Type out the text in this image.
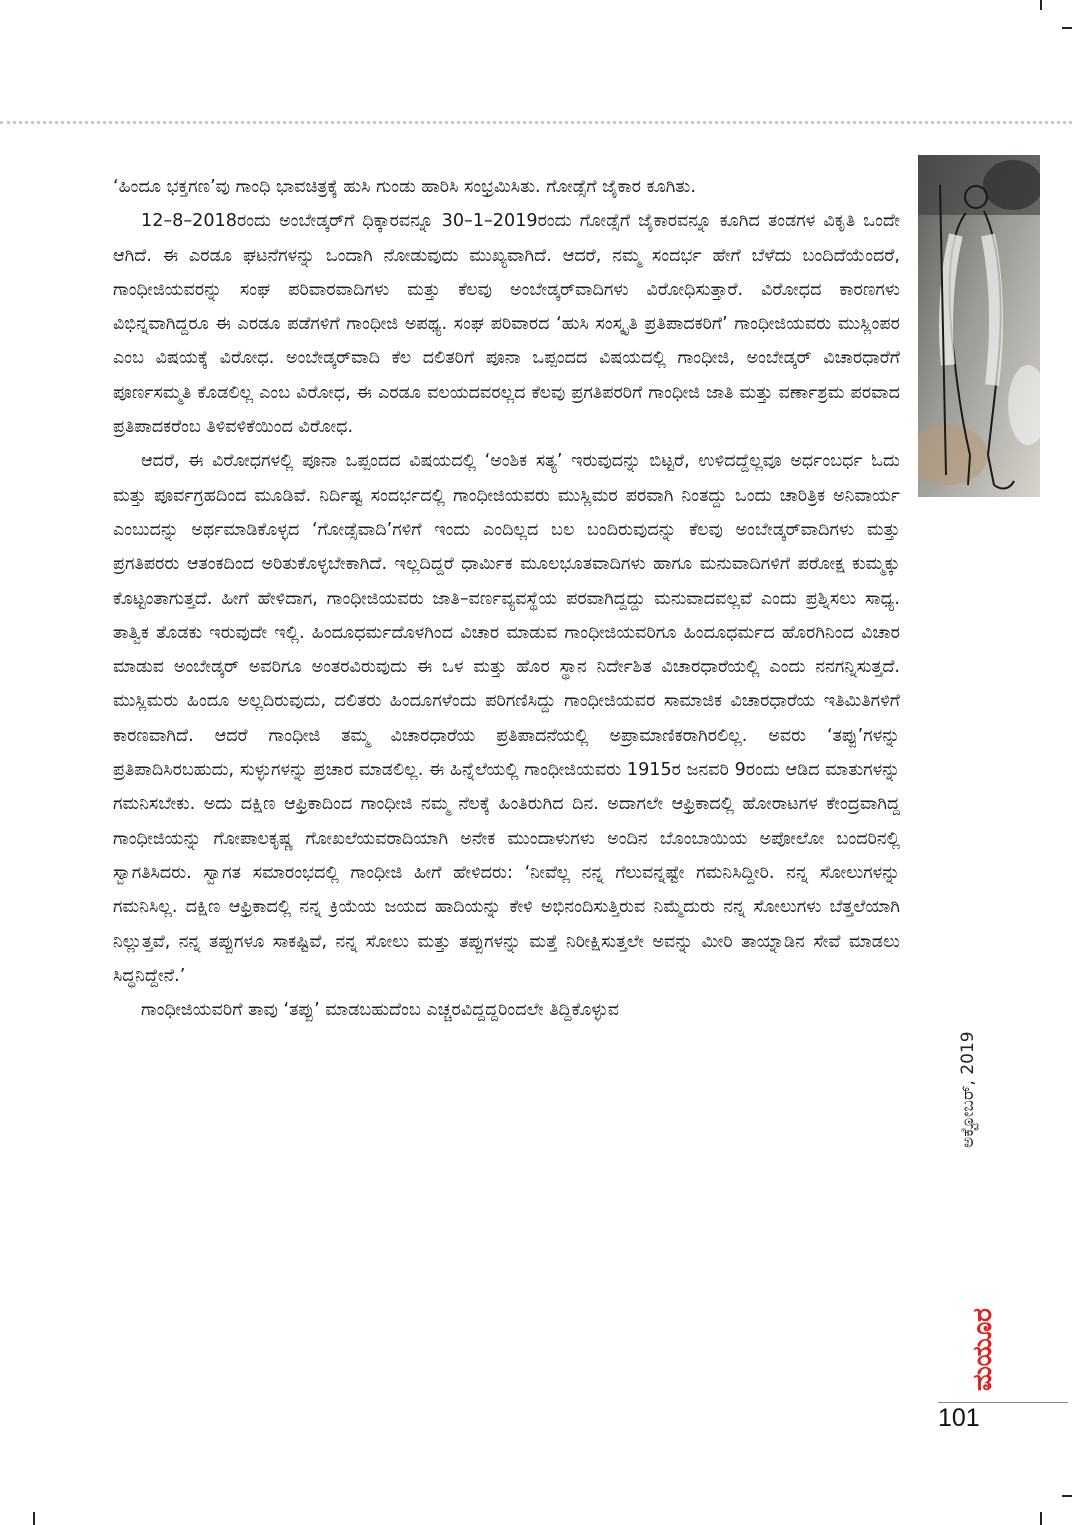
‘ಹಿಂದೂ ಭಕ್ತಗಣ’ವು ಗಾಂಧಿ ಭಾವಚಿತ್ರಕ್ಕೆ ಹುಸಿ ಗುಂಡು ಹಾರಿಸಿ ಸಂಭ್ರಮಿಸಿತು. ಗೋಡ್ಸೆಗೆ ಜೈಕಾರ ಕೂಗಿತು.

12–8–2018ರಂದು ಅಂಬೇಡ್ಕರ್‌ಗೆ ಧಿಕ್ಕಾರವನ್ನೂ 30–1–2019ರಂದು ಗೋಡ್ಸೆಗೆ ಜೈಕಾರವನ್ನೂ ಕೂಗಿದ ತಂಡಗಳ ವಿಕೃತಿ ಒಂದೇ ಆಗಿದೆ. ಈ ಎರಡೂ ಘಟನೆಗಳನ್ನು ಒಂದಾಗಿ ನೋಡುವುದು ಮುಖ್ಯವಾಗಿದೆ. ಆದರೆ, ನಮ್ಮ ಸಂದರ್ಭ ಹೇಗೆ ಬೆಳೆದು ಬಂದಿದೆಯೆಂದರೆ, ಗಾಂಧೀಜಿಯವರನ್ನು ಸಂಘ ಪರಿವಾರವಾದಿಗಳು ಮತ್ತು ಕೆಲವು ಅಂಬೇಡ್ಕರ್‌ವಾದಿಗಳು ವಿರೋಧಿಸುತ್ತಾರೆ. ವಿರೋಧದ ಕಾರಣಗಳು ವಿಭಿನ್ನವಾಗಿದ್ದರೂ ಈ ಎರಡೂ ಪಡೆಗಳಿಗೆ ಗಾಂಧೀಜಿ ಅಪಥ್ಯ. ಸಂಘ ಪರಿವಾರದ ‘ಹುಸಿ ಸಂಸ್ಕೃತಿ ಪ್ರತಿಪಾದಕರಿಗೆ’ ಗಾಂಧೀಜಿಯವರು ಮುಸ್ಲಿಂಪರ ಎಂಬ ವಿಷಯಕ್ಕೆ ವಿರೋಧ. ಅಂಬೇಡ್ಕರ್‌ವಾದಿ ಕೆಲ ದಲಿತರಿಗೆ ಪೂನಾ ಒಪ್ಪಂದದ ವಿಷಯದಲ್ಲಿ ಗಾಂಧೀಜಿ, ಅಂಬೇಡ್ಕರ್ ವಿಚಾರಧಾರೆಗೆ ಪೂರ್ಣಸಮ್ಮತಿ ಕೊಡಲಿಲ್ಲ ಎಂಬ ವಿರೋಧ, ಈ ಎರಡೂ ವಲಯದವರಲ್ಲದ ಕೆಲವು ಪ್ರಗತಿಪರರಿಗೆ ಗಾಂಧೀಜಿ ಜಾತಿ ಮತ್ತು ವರ್ಣಾಶ್ರಮ ಪರವಾದ ಪ್ರತಿಪಾದಕರೆಂಬ ತಿಳಿವಳಿಕೆಯಿಂದ ವಿರೋಧ.

ಆದರೆ, ಈ ವಿರೋಧಗಳಲ್ಲಿ ಪೂನಾ ಒಪ್ಪಂದದ ವಿಷಯದಲ್ಲಿ ‘ಅಂಶಿಕ ಸತ್ಯ’ ಇರುವುದನ್ನು ಬಿಟ್ಟರೆ, ಉಳಿದದ್ದೆಲ್ಲವೂ ಅರ್ಧಂಬರ್ಧ ಓದು ಮತ್ತು ಪೂರ್ವಗ್ರಹದಿಂದ ಮೂಡಿವೆ. ನಿರ್ದಿಷ್ಟ ಸಂದರ್ಭದಲ್ಲಿ ಗಾಂಧೀಜಿಯವರು ಮುಸ್ಲಿಮರ ಪರವಾಗಿ ನಿಂತದ್ದು ಒಂದು ಚಾರಿತ್ರಿಕ ಅನಿವಾರ್ಯ ಎಂಬುದನ್ನು ಅರ್ಥಮಾಡಿಕೊಳ್ಳದ ‘ಗೋಡ್ಸೆವಾದಿ’ಗಳಿಗೆ ಇಂದು ಎಂದಿಲ್ಲದ ಬಲ ಬಂದಿರುವುದನ್ನು ಕೆಲವು ಅಂಬೇಡ್ಕರ್‌ವಾದಿಗಳು ಮತ್ತು ಪ್ರಗತಿಪರರು ಆತಂಕದಿಂದ ಅರಿತುಕೊಳ್ಳಬೇಕಾಗಿದೆ. ಇಲ್ಲದಿದ್ದರೆ ಧಾರ್ಮಿಕ ಮೂಲಭೂತವಾದಿಗಳು ಹಾಗೂ ಮನುವಾದಿಗಳಿಗೆ ಪರೋಕ್ಷ ಕುಮ್ಮಕ್ಕು ಕೊಟ್ಟಂತಾಗುತ್ತದೆ. ಹೀಗೆ ಹೇಳಿದಾಗ, ಗಾಂಧೀಜಿಯವರು ಜಾತಿ–ವರ್ಣವ್ಯವಸ್ಥೆಯ ಪರವಾಗಿದ್ದದ್ದು ಮನುವಾದವಲ್ಲವೆ ಎಂದು ಪ್ರಶ್ನಿಸಲು ಸಾಧ್ಯ. ತಾತ್ವಿಕ ತೊಡಕು ಇರುವುದೇ ಇಲ್ಲಿ. ಹಿಂದೂಧರ್ಮದೊಳಗಿಂದ ವಿಚಾರ ಮಾಡುವ ಗಾಂಧೀಜಿಯವರಿಗೂ ಹಿಂದೂಧರ್ಮದ ಹೊರಗಿನಿಂದ ವಿಚಾರ ಮಾಡುವ ಅಂಬೇಡ್ಕರ್ ಅವರಿಗೂ ಅಂತರವಿರುವುದು ಈ ಒಳ ಮತ್ತು ಹೊರ ಸ್ಥಾನ ನಿರ್ದೇಶಿತ ವಿಚಾರಧಾರೆಯಲ್ಲಿ ಎಂದು ನನಗನ್ನಿಸುತ್ತದೆ. ಮುಸ್ಲಿಮರು ಹಿಂದೂ ಅಲ್ಲದಿರುವುದು, ದಲಿತರು ಹಿಂದೂಗಳೆಂದು ಪರಿಗಣಿಸಿದ್ದು ಗಾಂಧೀಜಿಯವರ ಸಾಮಾಜಿಕ ವಿಚಾರಧಾರೆಯ ಇತಿಮಿತಿಗಳಿಗೆ ಕಾರಣವಾಗಿದೆ. ಆದರೆ ಗಾಂಧೀಜಿ ತಮ್ಮ ವಿಚಾರಧಾರೆಯ ಪ್ರತಿಪಾದನೆಯಲ್ಲಿ ಅಪ್ರಾಮಾಣಿಕರಾಗಿರಲಿಲ್ಲ. ಅವರು ‘ತಪ್ಪು’ಗಳನ್ನು ಪ್ರತಿಪಾದಿಸಿರಬಹುದು, ಸುಳ್ಳುಗಳನ್ನು ಪ್ರಚಾರ ಮಾಡಲಿಲ್ಲ. ಈ ಹಿನ್ನೆಲೆಯಲ್ಲಿ ಗಾಂಧೀಜಿಯವರು 1915ರ ಜನವರಿ 9ರಂದು ಆಡಿದ ಮಾತುಗಳನ್ನು ಗಮನಿಸಬೇಕು. ಅದು ದಕ್ಷಿಣ ಆಫ್ರಿಕಾದಿಂದ ಗಾಂಧೀಜಿ ನಮ್ಮ ನೆಲಕ್ಕೆ ಹಿಂತಿರುಗಿದ ದಿನ. ಅದಾಗಲೇ ಆಫ್ರಿಕಾದಲ್ಲಿ ಹೋರಾಟಗಳ ಕೇಂದ್ರವಾಗಿದ್ದ ಗಾಂಧೀಜಿಯನ್ನು ಗೋಪಾಲಕೃಷ್ಣ ಗೋಖಲೆಯವರಾದಿಯಾಗಿ ಅನೇಕ ಮುಂದಾಳುಗಳು ಅಂದಿನ ಬೊಂಬಾಯಿಯ ಅಪೋಲೋ ಬಂದರಿನಲ್ಲಿ ಸ್ವಾಗತಿಸಿದರು. ಸ್ವಾಗತ ಸಮಾರಂಭದಲ್ಲಿ ಗಾಂಧೀಜಿ ಹೀಗೆ ಹೇಳಿದರು: ‘ನೀವೆಲ್ಲ ನನ್ನ ಗೆಲುವನ್ನಷ್ಟೇ ಗಮನಿಸಿದ್ದೀರಿ. ನನ್ನ ಸೋಲುಗಳನ್ನು ಗಮನಿಸಿಲ್ಲ. ದಕ್ಷಿಣ ಆಫ್ರಿಕಾದಲ್ಲಿ ನನ್ನ ಕ್ರಿಯೆಯ ಜಯದ ಹಾದಿಯನ್ನು ಕೇಳಿ ಅಭಿನಂದಿಸುತ್ತಿರುವ ನಿಮ್ಮೆದುರು ನನ್ನ ಸೋಲುಗಳು ಬೆತ್ತಲೆಯಾಗಿ ನಿಲ್ಲುತ್ತವೆ, ನನ್ನ ತಪ್ಪುಗಳೂ ಸಾಕಷ್ಟಿವೆ, ನನ್ನ ಸೋಲು ಮತ್ತು ತಪ್ಪುಗಳನ್ನು ಮತ್ತೆ ನಿರೀಕ್ಷಿಸುತ್ತಲೇ ಅವನ್ನು ಮೀರಿ ತಾಯ್ನಾಡಿನ ಸೇವೆ ಮಾಡಲು ಸಿದ್ಧನಿದ್ದೇನೆ.’

ಗಾಂಧೀಜಿಯವರಿಗೆ ತಾವು ‘ತಪ್ಪು’ ಮಾಡಬಹುದೆಂಬ ಎಚ್ಚರವಿದ್ದದ್ದರಿಂದಲೇ ತಿದ್ದಿಕೊಳ್ಳುವ

ಅಕ್ಟೋಬರ್, 2019
ಮಯೂರ
101
